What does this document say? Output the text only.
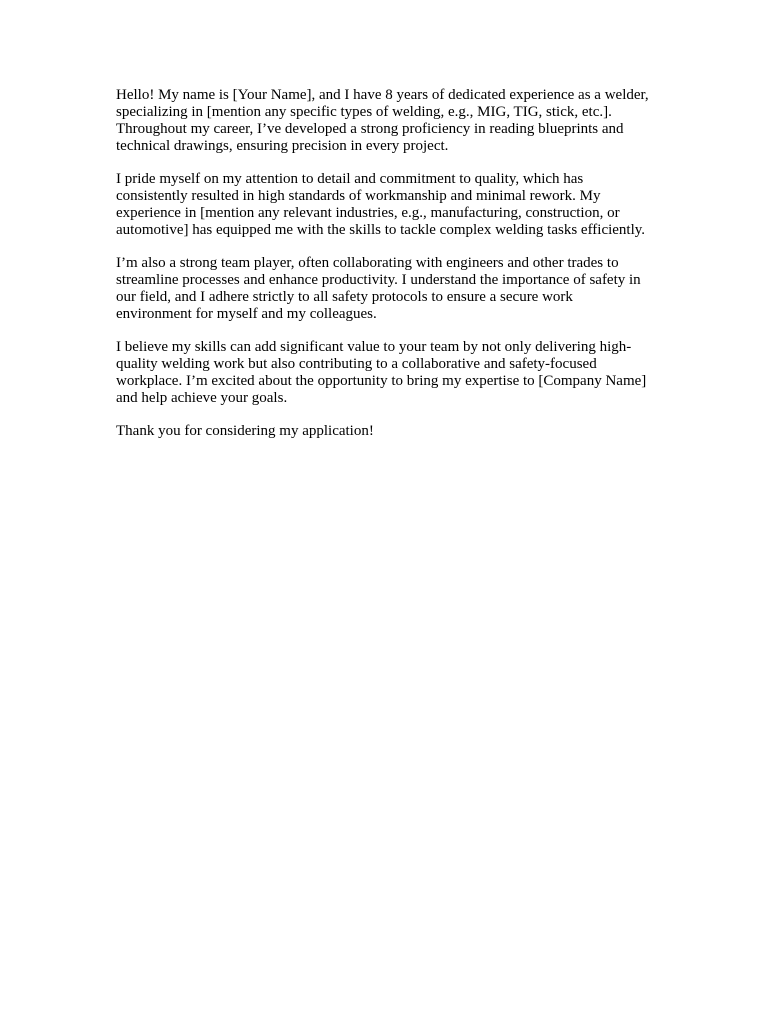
Hello! My name is [Your Name], and I have 8 years of dedicated experience as a welder, specializing in [mention any specific types of welding, e.g., MIG, TIG, stick, etc.]. Throughout my career, I’ve developed a strong proficiency in reading blueprints and technical drawings, ensuring precision in every project.

I pride myself on my attention to detail and commitment to quality, which has consistently resulted in high standards of workmanship and minimal rework. My experience in [mention any relevant industries, e.g., manufacturing, construction, or automotive] has equipped me with the skills to tackle complex welding tasks efficiently.

I’m also a strong team player, often collaborating with engineers and other trades to streamline processes and enhance productivity. I understand the importance of safety in our field, and I adhere strictly to all safety protocols to ensure a secure work environment for myself and my colleagues.

I believe my skills can add significant value to your team by not only delivering high-quality welding work but also contributing to a collaborative and safety-focused workplace. I’m excited about the opportunity to bring my expertise to [Company Name] and help achieve your goals.

Thank you for considering my application!
